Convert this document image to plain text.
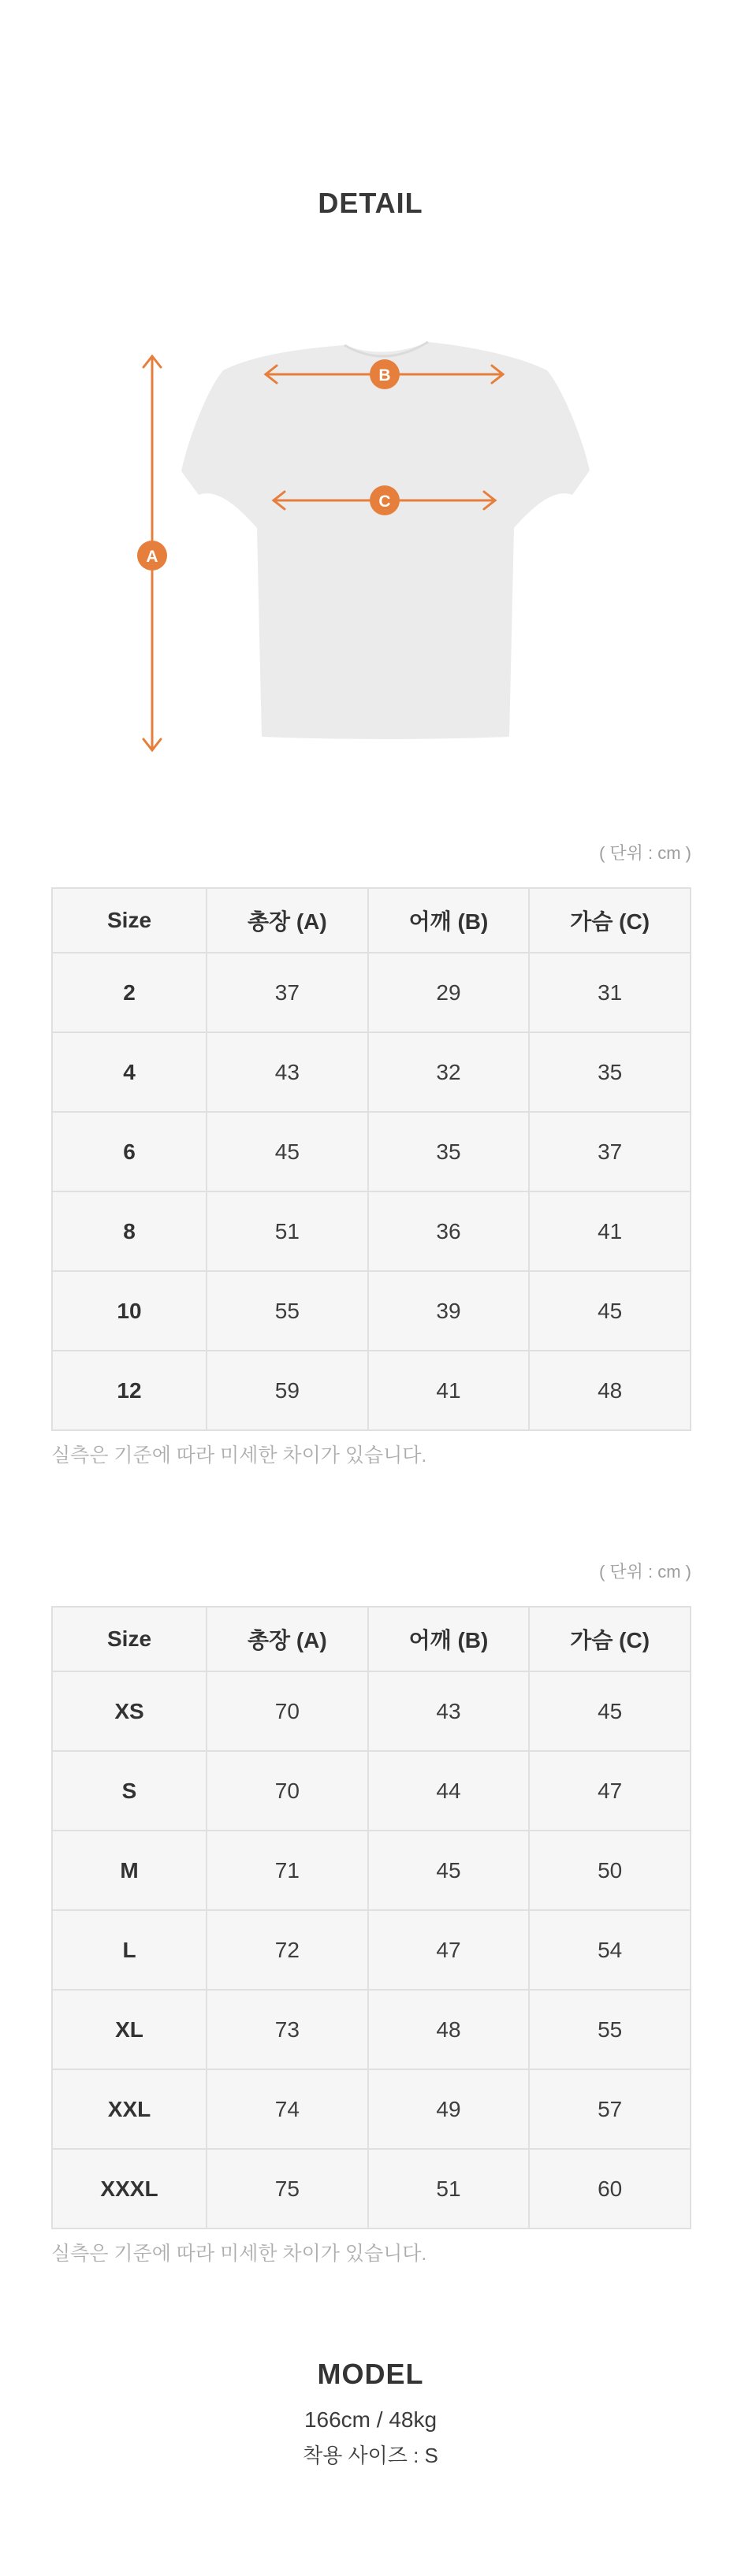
DETAIL
A
B
C
( 단위 : cm )
Size	총장 (A)	어깨 (B)	가슴 (C)
2	37	29	31
4	43	32	35
6	45	35	37
8	51	36	41
10	55	39	45
12	59	41	48

실측은 기준에 따라 미세한 차이가 있습니다.

( 단위 : cm )
Size	총장 (A)	어깨 (B)	가슴 (C)
XS	70	43	45
S	70	44	47
M	71	45	50
L	72	47	54
XL	73	48	55
XXL	74	49	57
XXXL	75	51	60

실측은 기준에 따라 미세한 차이가 있습니다.

MODEL

166cm / 48kg

착용 사이즈 : S
